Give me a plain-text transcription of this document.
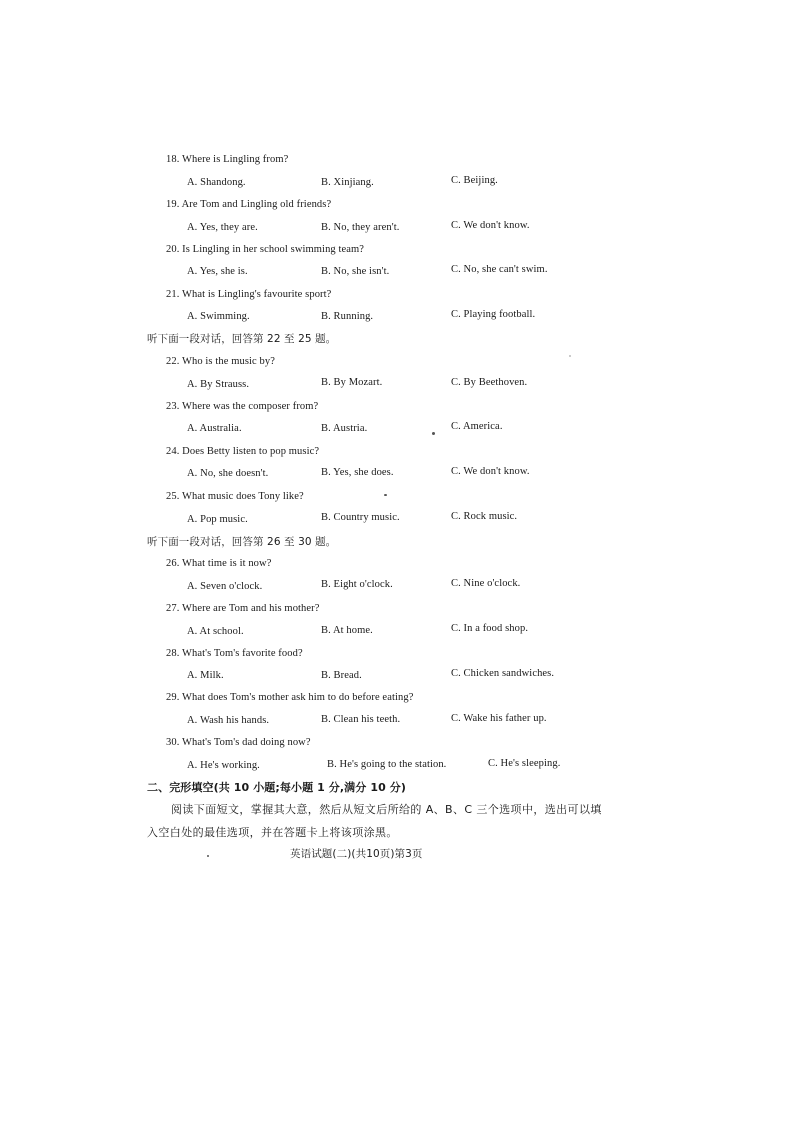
18. Where is Lingling from?
A. Shandong.	B. Xinjiang.	C. Beijing.
19. Are Tom and Lingling old friends?
A. Yes, they are.	B. No, they aren't.	C. We don't know.
20. Is Lingling in her school swimming team?
A. Yes, she is.	B. No, she isn't.	C. No, she can't swim.
21. What is Lingling's favourite sport?
A. Swimming.	B. Running.	C. Playing football.
听下面一段对话，回答第 22 至 25 题。
22. Who is the music by?
A. By Strauss.	B. By Mozart.	C. By Beethoven.
23. Where was the composer from?
A. Australia.	B. Austria.	C. America.
24. Does Betty listen to pop music?
A. No, she doesn't.	B. Yes, she does.	C. We don't know.
25. What music does Tony like?
A. Pop music.	B. Country music.	C. Rock music.
听下面一段对话，回答第 26 至 30 题。
26. What time is it now?
A. Seven o'clock.	B. Eight o'clock.	C. Nine o'clock.
27. Where are Tom and his mother?
A. At school.	B. At home.	C. In a food shop.
28. What's Tom's favorite food?
A. Milk.	B. Bread.	C. Chicken sandwiches.
29. What does Tom's mother ask him to do before eating?
A. Wash his hands.	B. Clean his teeth.	C. Wake his father up.
30. What's Tom's dad doing now?
A. He's working.	B. He's going to the station.	C. He's sleeping.
二、完形填空(共 10 小题;每小题 1 分,满分 10 分)
阅读下面短文，掌握其大意，然后从短文后所给的 A、B、C 三个选项中，选出可以填
入空白处的最佳选项，并在答题卡上将该项涂黑。
英语试题(二)(共10页)第3页
